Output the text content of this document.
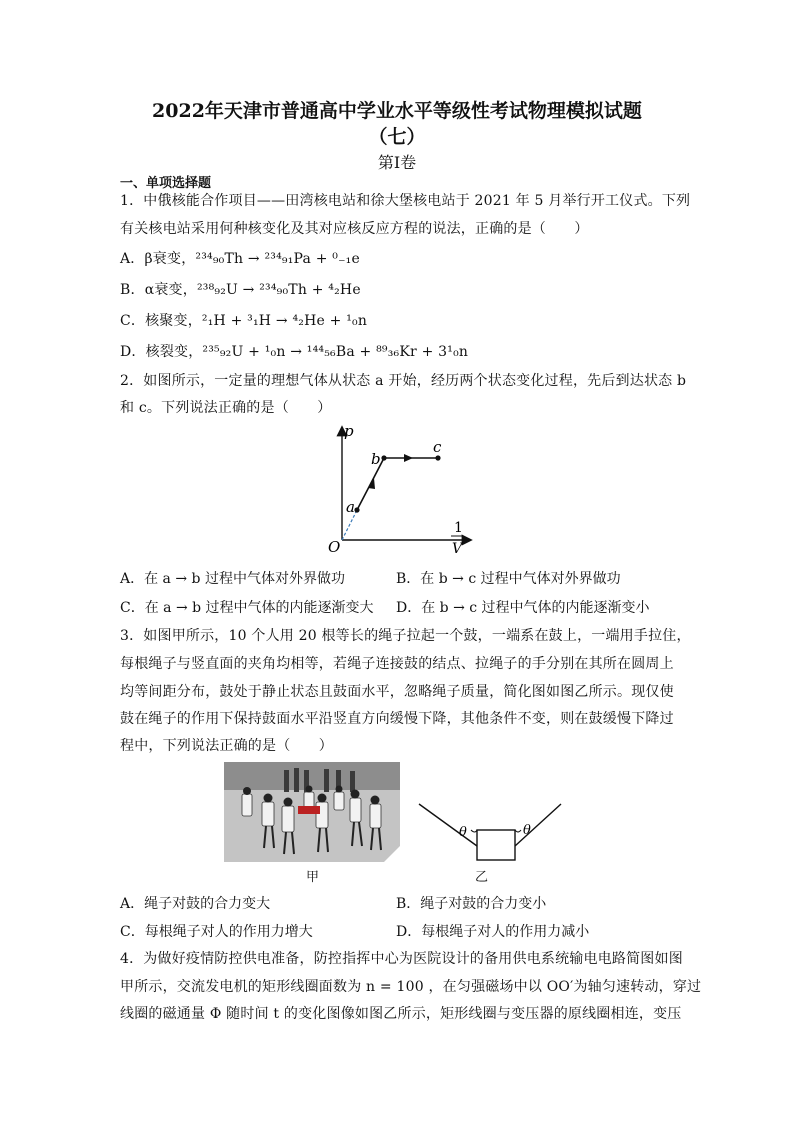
2022年天津市普通高中学业水平等级性考试物理模拟试题
（七）
第Ⅰ卷
一、单项选择题
1．中俄核能合作项目——田湾核电站和徐大堡核电站于 2021 年 5 月举行开工仪式。下列
有关核电站采用何种核变化及其对应核反应方程的说法，正确的是（　　）
A．β衰变，²³⁴₉₀Th → ²³⁴₉₁Pa + ⁰₋₁e
B．α衰变，²³⁸₉₂U → ²³⁴₉₀Th + ⁴₂He
C．核聚变，²₁H + ³₁H → ⁴₂He + ¹₀n
D．核裂变，²³⁵₉₂U + ¹₀n → ¹⁴⁴₅₆Ba + ⁸⁹₃₆Kr + 3¹₀n
2．如图所示，一定量的理想气体从状态 a 开始，经历两个状态变化过程，先后到达状态 b
和 c。下列说法正确的是（　　）
p
O
1
V
a
b
c
A．在 a → b 过程中气体对外界做功	B．在 b → c 过程中气体对外界做功
C．在 a → b 过程中气体的内能逐渐变大 D．在 b → c 过程中气体的内能逐渐变小
3．如图甲所示，10 个人用 20 根等长的绳子拉起一个鼓，一端系在鼓上，一端用手拉住，
每根绳子与竖直面的夹角均相等，若绳子连接鼓的结点、拉绳子的手分别在其所在圆周上
均等间距分布，鼓处于静止状态且鼓面水平，忽略绳子质量，简化图如图乙所示。现仅使
鼓在绳子的作用下保持鼓面水平沿竖直方向缓慢下降，其他条件不变，则在鼓缓慢下降过
程中，下列说法正确的是（　　）
甲
θ	θ
乙
A．绳子对鼓的合力变大	B．绳子对鼓的合力变小
C．每根绳子对人的作用力增大	D．每根绳子对人的作用力减小
4．为做好疫情防控供电准备，防控指挥中心为医院设计的备用供电系统输电电路简图如图
甲所示，交流发电机的矩形线圈面数为 n = 100 ，在匀强磁场中以 OO′为轴匀速转动，穿过
线圈的磁通量 Φ 随时间 t 的变化图像如图乙所示，矩形线圈与变压器的原线圈相连，变压
